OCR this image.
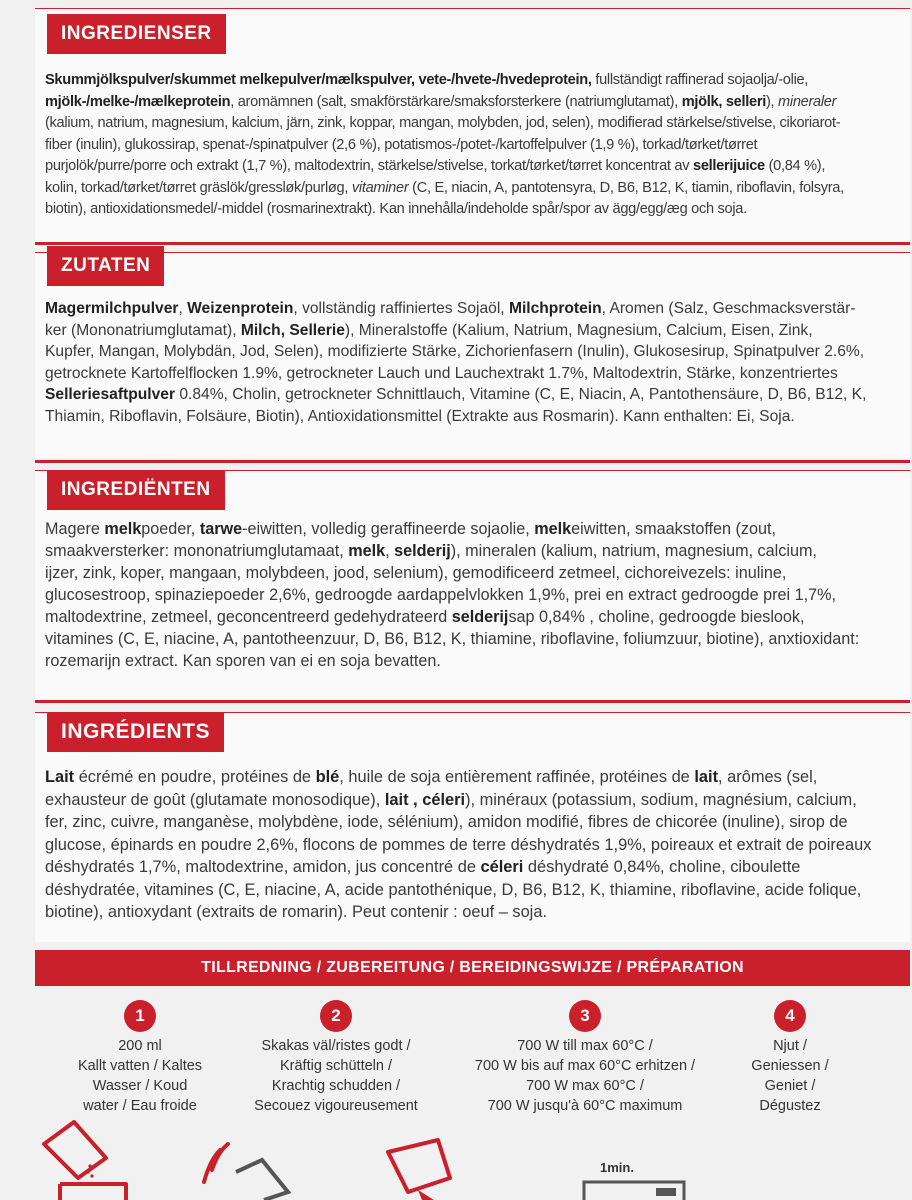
INGREDIENSER
Skummjölkspulver/skummet melkepulver/mælkspulver, vete-/hvete-/hvedeprotein, fullständigt raffinerad sojaolja/-olie,
mjölk-/melke-/mælkeprotein, aromämnen (salt, smakförstärkare/smaksforsterkere (natriumglutamat), mjölk, selleri), mineraler
(kalium, natrium, magnesium, kalcium, järn, zink, koppar, mangan, molybden, jod, selen), modifierad stärkelse/stivelse, cikoriarot-
fiber (inulin), glukossirap, spenat-/spinatpulver (2,6 %), potatismos-/potet-/kartoffelpulver (1,9 %), torkad/tørket/tørret
purjolök/purre/porre och extrakt (1,7 %), maltodextrin, stärkelse/stivelse, torkat/tørket/tørret koncentrat av sellerijuice (0,84 %),
kolin, torkad/tørket/tørret gräslök/gressløk/purløg, vitaminer (C, E, niacin, A, pantotensyra, D, B6, B12, K, tiamin, riboflavin, folsyra,
biotin), antioxidationsmedel/-middel (rosmarinextrakt). Kan innehålla/indeholde spår/spor av ägg/egg/æg och soja.
ZUTATEN
Magermilchpulver, Weizenprotein, vollständig raffiniertes Sojaöl, Milchprotein, Aromen (Salz, Geschmacksverstär-
ker (Mononatriumglutamat), Milch, Sellerie), Mineralstoffe (Kalium, Natrium, Magnesium, Calcium, Eisen, Zink,
Kupfer, Mangan, Molybdän, Jod, Selen), modifizierte Stärke, Zichorienfasern (Inulin), Glukosesirup, Spinatpulver 2.6%,
getrocknete Kartoffelflocken 1.9%, getrockneter Lauch und Lauchextrakt 1.7%, Maltodextrin, Stärke, konzentriertes
Selleriesaftpulver 0.84%, Cholin, getrockneter Schnittlauch, Vitamine (C, E, Niacin, A, Pantothensäure, D, B6, B12, K,
Thiamin, Riboflavin, Folsäure, Biotin), Antioxidationsmittel (Extrakte aus Rosmarin). Kann enthalten: Ei, Soja.
INGREDIËNTEN
Magere melkpoeder, tarwe-eiwitten, volledig geraffineerde sojaolie, melkeiwitten, smaakstoffen (zout,
smaakversterker: mononatriumglutamaat, melk, selderij), mineralen (kalium, natrium, magnesium, calcium,
ijzer, zink, koper, mangaan, molybdeen, jood, selenium), gemodificeerd zetmeel, cichoreivezels: inuline,
glucosestroop, spinaziepoeder 2,6%, gedroogde aardappelvlokken 1,9%, prei en extract gedroogde prei 1,7%,
maltodextrine, zetmeel, geconcentreerd gedehydrateerd selderijsap 0,84% , choline, gedroogde bieslook,
vitamines (C, E, niacine, A, pantotheenzuur, D, B6, B12, K, thiamine, riboflavine, foliumzuur, biotine), anxtioxidant:
rozemarijn extract. Kan sporen van ei en soja bevatten.
INGRÉDIENTS
Lait écrémé en poudre, protéines de blé, huile de soja entièrement raffinée, protéines de lait, arômes (sel,
exhausteur de goût (glutamate monosodique), lait , céleri), minéraux (potassium, sodium, magnésium, calcium,
fer, zinc, cuivre, manganèse, molybdène, iode, sélénium), amidon modifié, fibres de chicorée (inuline), sirop de
glucose, épinards en poudre 2,6%, flocons de pommes de terre déshydratés 1,9%, poireaux et extrait de poireaux
déshydratés 1,7%, maltodextrine, amidon, jus concentré de céleri déshydraté 0,84%, choline, ciboulette
déshydratée, vitamines (C, E, niacine, A, acide pantothénique, D, B6, B12, K, thiamine, riboflavine, acide folique,
biotine), antioxydant (extraits de romarin). Peut contenir : oeuf – soja.
TILLREDNING / ZUBEREITUNG / BEREIDINGSWIJZE / PRÉPARATION
1
200 ml
Kallt vatten / Kaltes
Wasser / Koud
water / Eau froide
2
Skakas väl/ristes godt /
Kräftig schütteln /
Krachtig schudden /
Secouez vigoureusement
3
700 W till max 60°C /
700 W bis auf max 60°C erhitzen /
700 W max 60°C /
700 W jusqu'à 60°C maximum
4
Njut /
Geniessen /
Geniet /
Dégustez
1min.
